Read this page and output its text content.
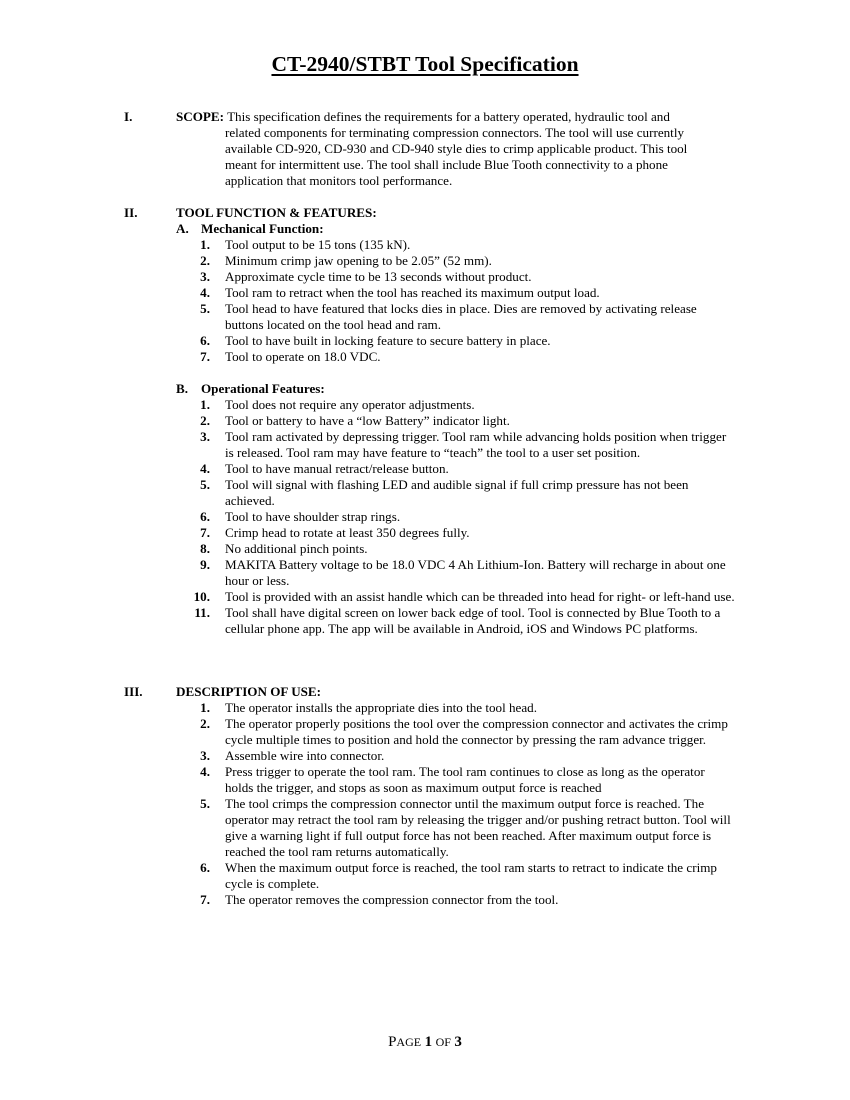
CT-2940/STBT Tool Specification
I.	SCOPE: This specification defines the requirements for a battery operated, hydraulic tool and

related components for terminating compression connectors. The tool will use currently

available CD-920, CD-930 and CD-940 style dies to crimp applicable product. This tool

meant for intermittent use. The tool shall include Blue Tooth connectivity to a phone

application that monitors tool performance.

II.	TOOL FUNCTION & FEATURES:
A. Mechanical Function:
1. Tool output to be 15 tons (135 kN).
2. Minimum crimp jaw opening to be 2.05” (52 mm).
3. Approximate cycle time to be 13 seconds without product.
4. Tool ram to retract when the tool has reached its maximum output load.
5. Tool head to have featured that locks dies in place. Dies are removed by activating release buttons located on the tool head and ram.
6. Tool to have built in locking feature to secure battery in place.
7. Tool to operate on 18.0 VDC.
B. Operational Features:
1. Tool does not require any operator adjustments.
2. Tool or battery to have a “low Battery” indicator light.
3. Tool ram activated by depressing trigger. Tool ram while advancing holds position when trigger is released. Tool ram may have feature to “teach” the tool to a user set position.
4. Tool to have manual retract/release button.
5. Tool will signal with flashing LED and audible signal if full crimp pressure has not been achieved.
6. Tool to have shoulder strap rings.
7. Crimp head to rotate at least 350 degrees fully.
8. No additional pinch points.
9. MAKITA Battery voltage to be 18.0 VDC 4 Ah Lithium-Ion. Battery will recharge in about one hour or less.
10. Tool is provided with an assist handle which can be threaded into head for right- or left-hand use.
11. Tool shall have digital screen on lower back edge of tool. Tool is connected by Blue Tooth to a cellular phone app. The app will be available in Android, iOS and Windows PC platforms.
III.	DESCRIPTION OF USE:
1. The operator installs the appropriate dies into the tool head.
2. The operator properly positions the tool over the compression connector and activates the crimp cycle multiple times to position and hold the connector by pressing the ram advance trigger.
3. Assemble wire into connector.
4. Press trigger to operate the tool ram. The tool ram continues to close as long as the operator holds the trigger, and stops as soon as maximum output force is reached
5. The tool crimps the compression connector until the maximum output force is reached. The operator may retract the tool ram by releasing the trigger and/or pushing retract button. Tool will give a warning light if full output force has not been reached. After maximum output force is reached the tool ram returns automatically.
6. When the maximum output force is reached, the tool ram starts to retract to indicate the crimp cycle is complete.
7. The operator removes the compression connector from the tool.
PAGE 1 OF 3
